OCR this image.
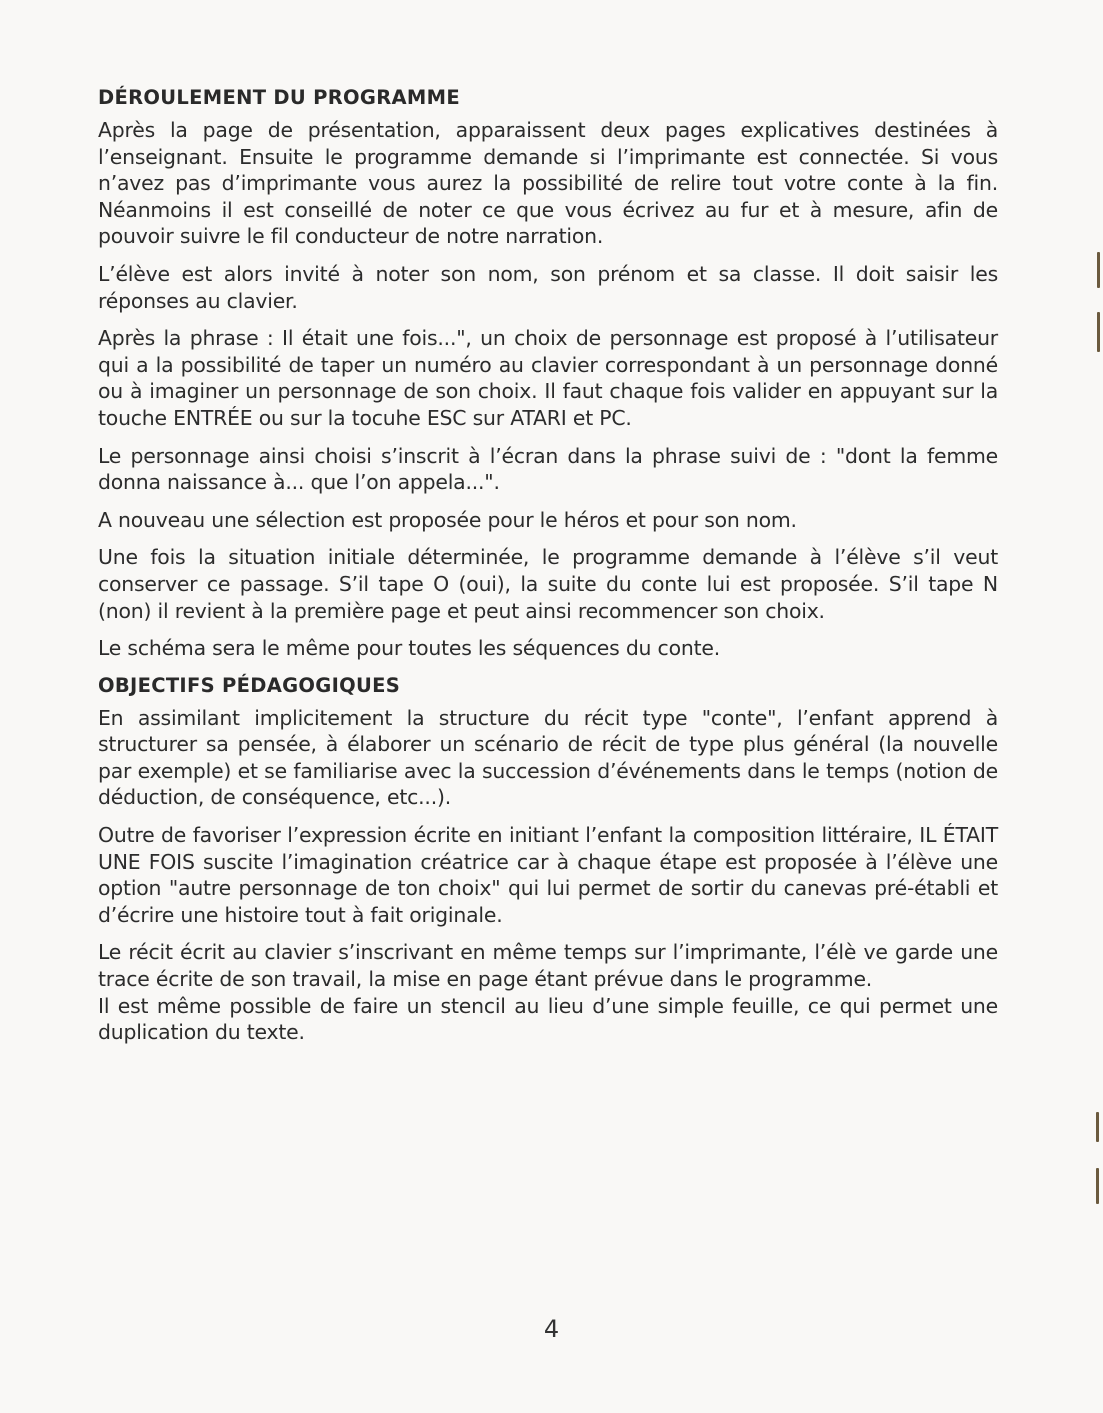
DÉROULEMENT DU PROGRAMME

Après la page de présentation, apparaissent deux pages explicatives destinées à l’enseignant. Ensuite le programme demande si l’imprimante est connectée. Si vous n’avez pas d’imprimante vous aurez la possibilité de relire tout votre conte à la fin. Néanmoins il est conseillé de noter ce que vous écrivez au fur et à mesure, afin de pouvoir suivre le fil conducteur de notre narration.

L’élève est alors invité à noter son nom, son prénom et sa classe. Il doit saisir les réponses au clavier.

Après la phrase : Il était une fois...", un choix de personnage est proposé à l’utilisateur qui a la possibilité de taper un numéro au clavier correspondant à un personnage donné ou à imaginer un personnage de son choix. Il faut chaque fois valider en appuyant sur la touche ENTRÉE ou sur la tocuhe ESC sur ATARI et PC.

Le personnage ainsi choisi s’inscrit à l’écran dans la phrase suivi de : "dont la femme donna naissance à... que l’on appela...".

A nouveau une sélection est proposée pour le héros et pour son nom.

Une fois la situation initiale déterminée, le programme demande à l’élève s’il veut conserver ce passage. S’il tape O (oui), la suite du conte lui est proposée. S’il tape N (non) il revient à la première page et peut ainsi recommencer son choix.

Le schéma sera le même pour toutes les séquences du conte.

OBJECTIFS PÉDAGOGIQUES

En assimilant implicitement la structure du récit type "conte", l’enfant apprend à structurer sa pensée, à élaborer un scénario de récit de type plus général (la nouvelle par exemple) et se familiarise avec la succession d’événements dans le temps (notion de déduction, de conséquence, etc...).

Outre de favoriser l’expression écrite en initiant l’enfant la composition littéraire, IL ÉTAIT UNE FOIS suscite l’imagination créatrice car à chaque étape est proposée à l’élève une option "autre personnage de ton choix" qui lui permet de sortir du canevas pré-établi et d’écrire une histoire tout à fait originale.

Le récit écrit au clavier s’inscrivant en même temps sur l’imprimante, l’élè ve garde une trace écrite de son travail, la mise en page étant prévue dans le programme.

Il est même possible de faire un stencil au lieu d’une simple feuille, ce qui permet une duplication du texte.

4
